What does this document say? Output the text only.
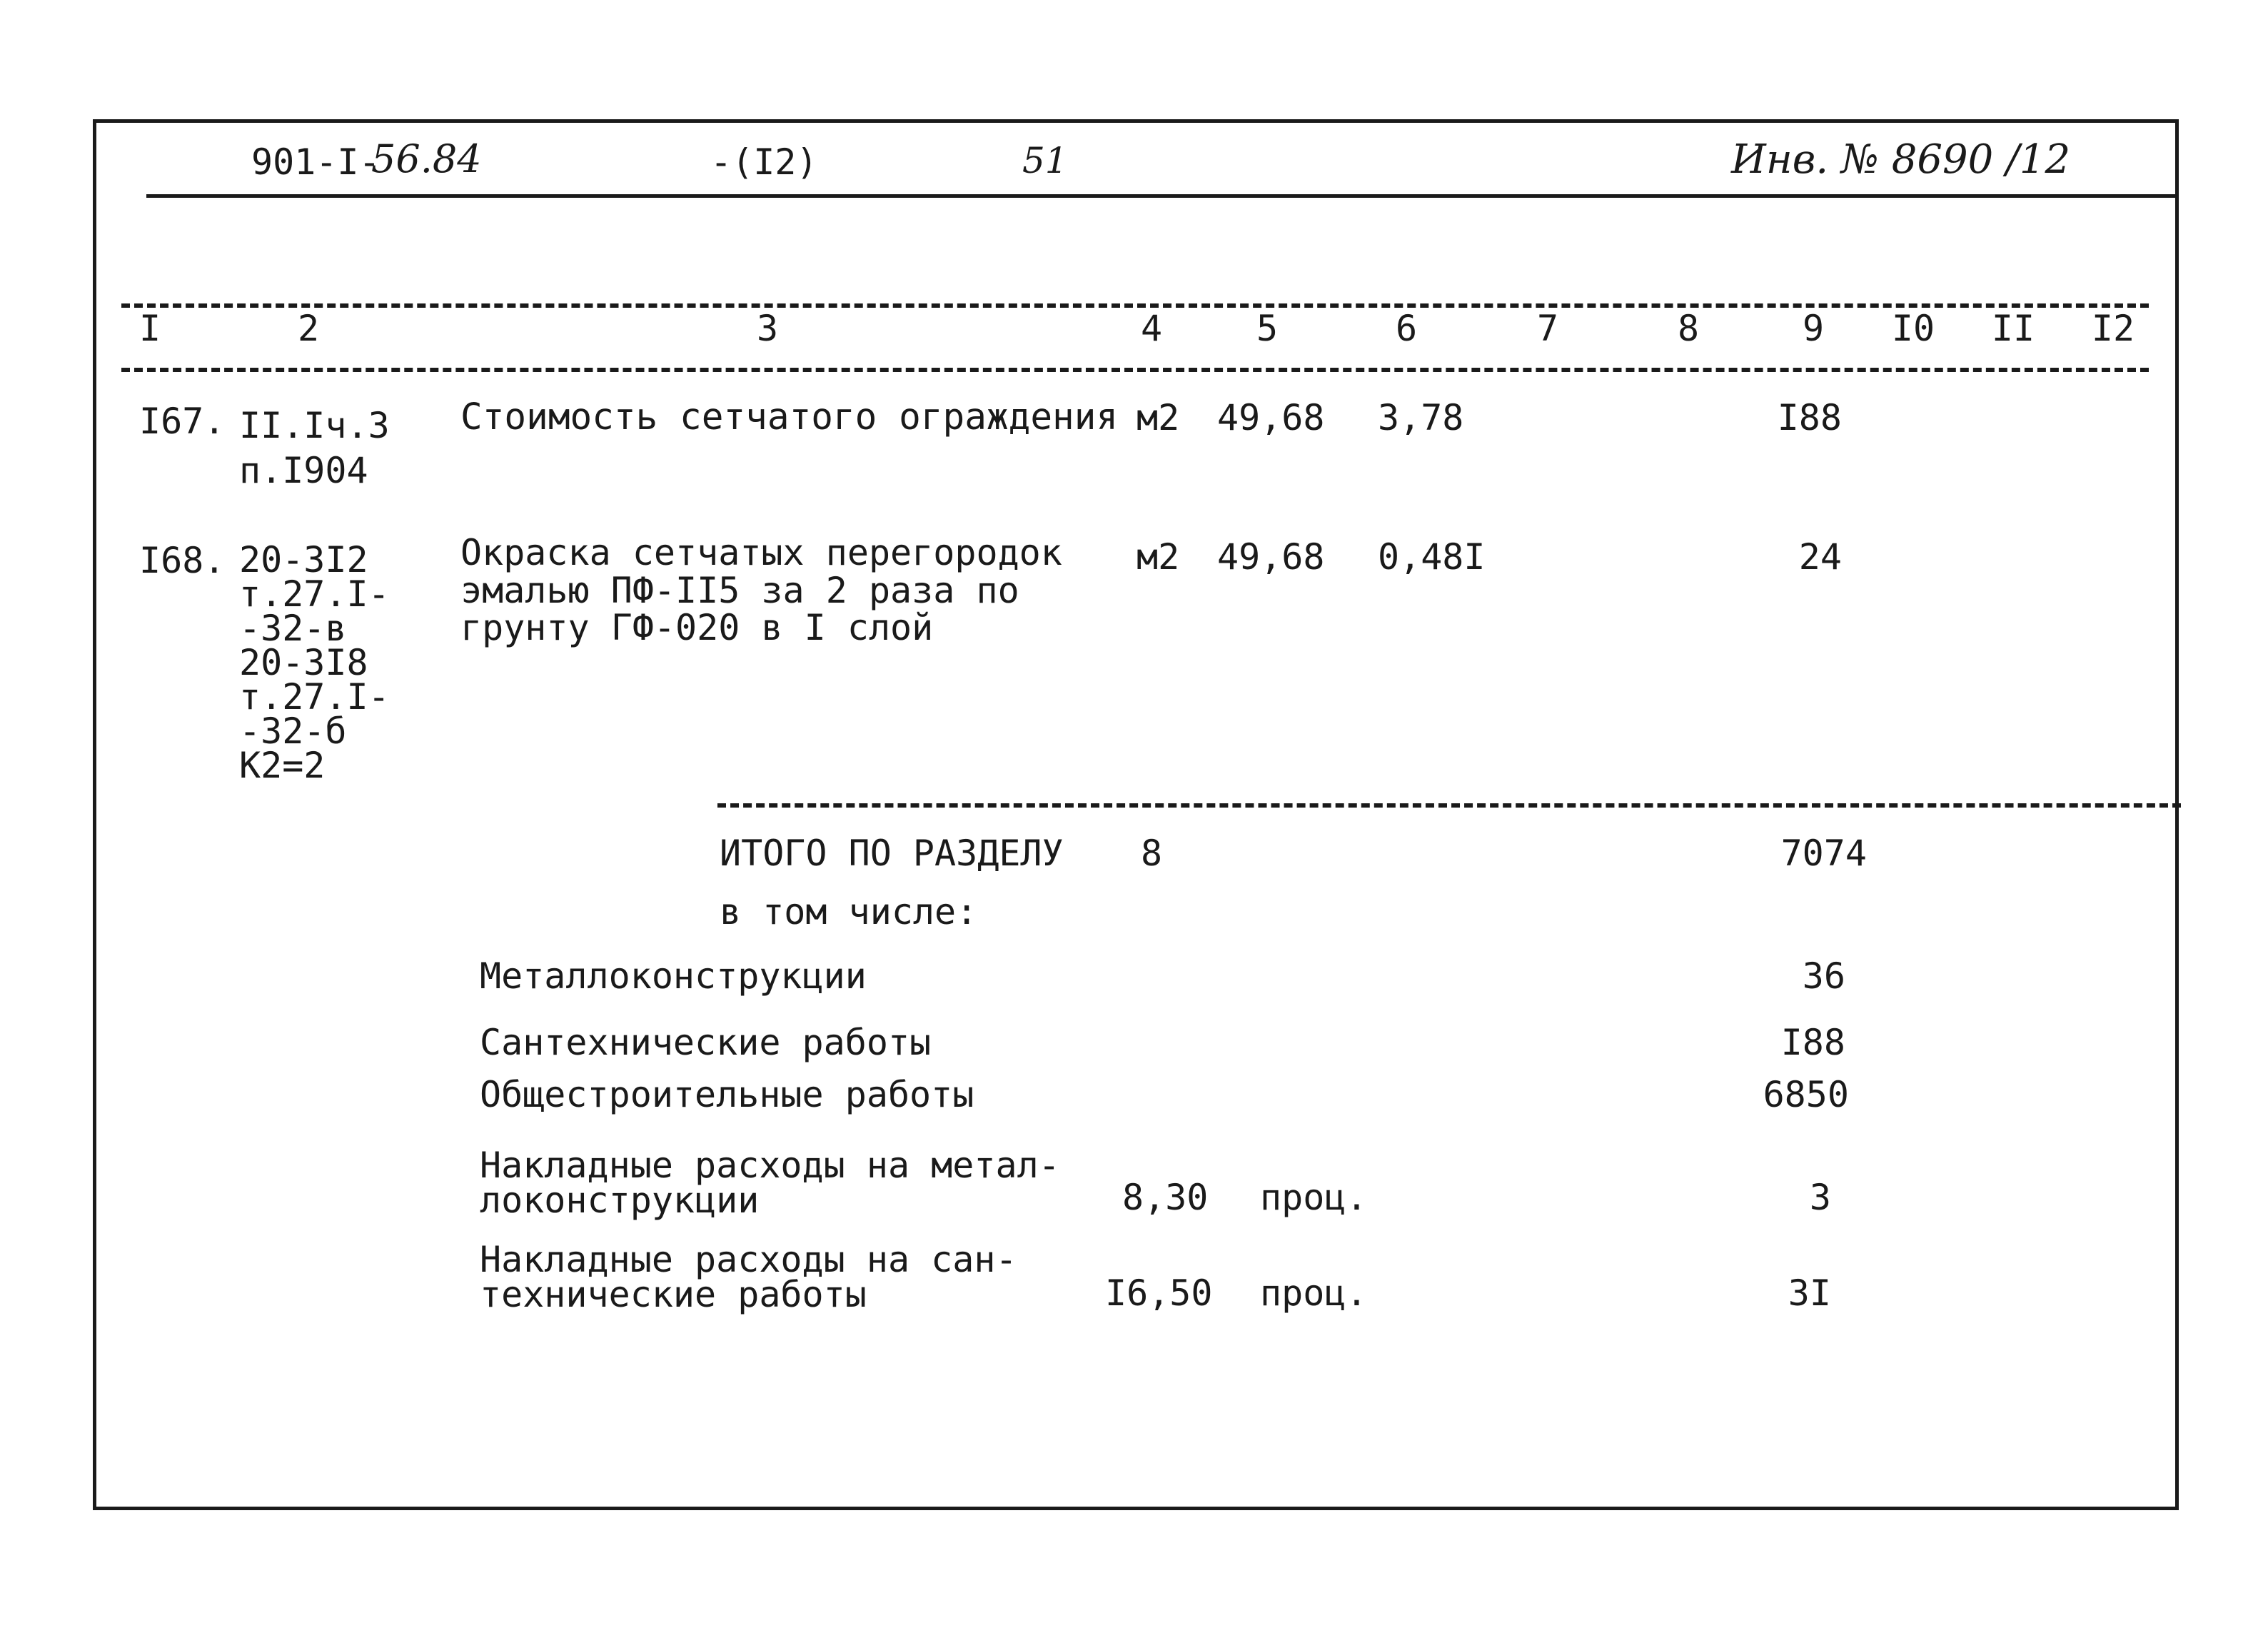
901-I-
56.84	-(I2)	51	Инв. № 8690 /12
I	2	3	4	5	6	7	8	9 I0 II I2
I67. II.Iч.3
п.I904
Стоимость сетчатого ограждения м2 49,68 3,78	I88
I68. 20-3I2
т.27.I-
-32-в
20-3I8
т.27.I-
-32-б
К2=2
Окраска сетчатых перегородок
эмалью ПФ-II5 за 2 раза по
грунту ГФ-020 в I слой
м2 49,68 0,48I	24
ИТОГО ПО РАЗДЕЛУ 8	7074
в том числе:
Металлоконструкции	36
Сантехнические работы	I88
Общестроительные работы	6850
Накладные расходы на метал-
локонструкции	8,30 проц.	3
Накладные расходы на сан-
технические работы	I6,50 проц.	3I
